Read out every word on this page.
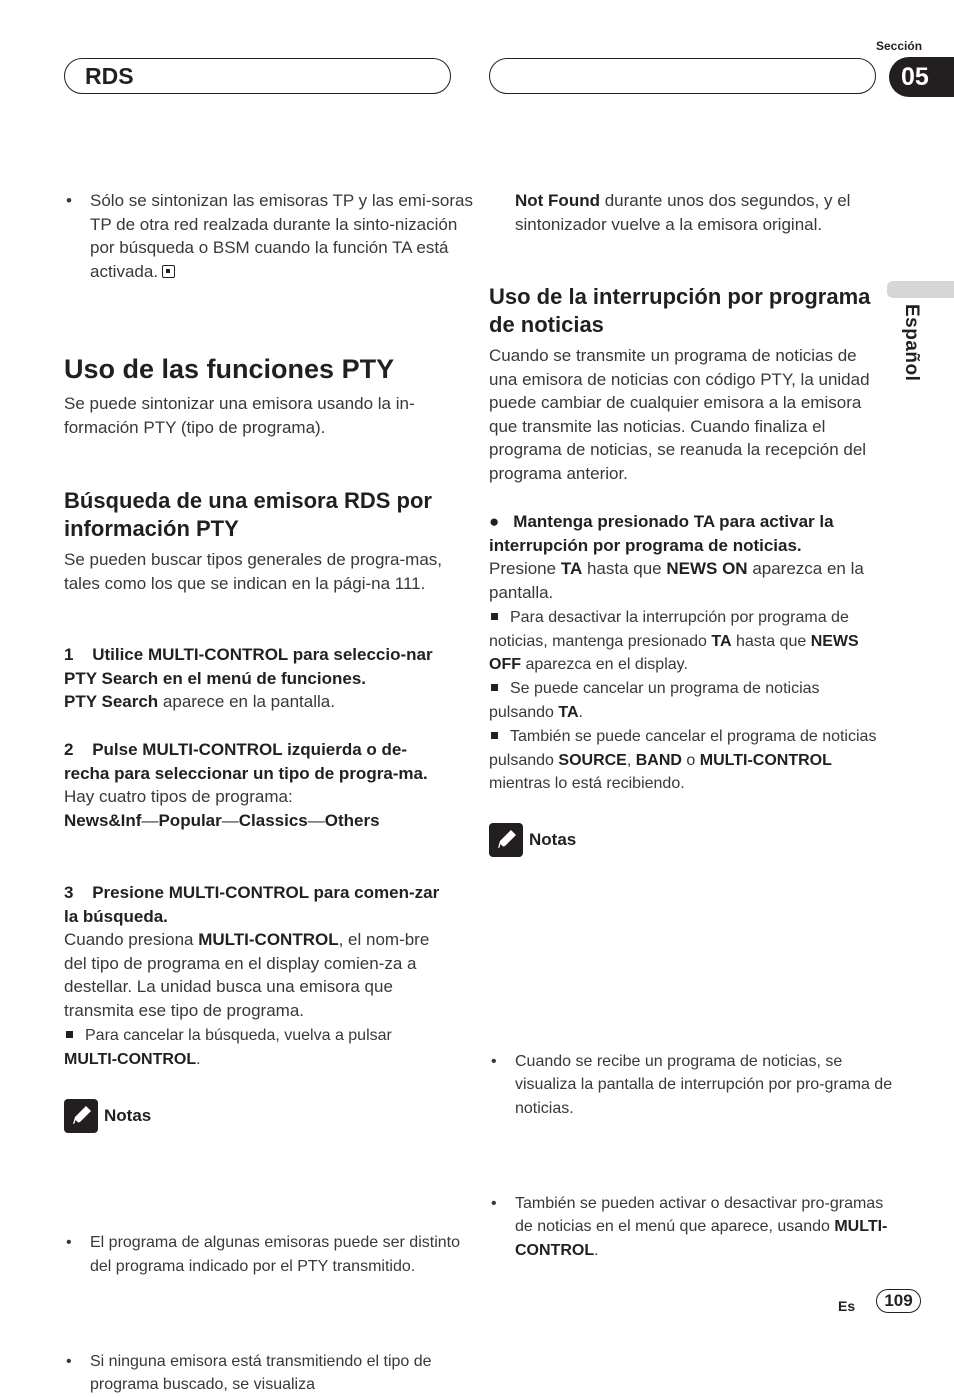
RDS
Sección
05
Español
• Sólo se sintonizan las emisoras TP y las emi-soras TP de otra red realzada durante la sinto-nización por búsqueda o BSM cuando la función TA está activada.
Uso de las funciones PTY
Se puede sintonizar una emisora usando la in-formación PTY (tipo de programa).
Búsqueda de una emisora RDS por información PTY
Se pueden buscar tipos generales de progra-mas, tales como los que se indican en la pági-na 111.
1 Utilice MULTI-CONTROL para seleccio-nar PTY Search en el menú de funciones.
PTY Search aparece en la pantalla.
2 Pulse MULTI-CONTROL izquierda o de-recha para seleccionar un tipo de progra-ma.
Hay cuatro tipos de programa:
News&Inf—Popular—Classics—Others
3 Presione MULTI-CONTROL para comen-zar la búsqueda.
Cuando presiona MULTI-CONTROL, el nom-bre del tipo de programa en el display comien-za a destellar. La unidad busca una emisora que transmita ese tipo de programa.
Para cancelar la búsqueda, vuelva a pulsar
MULTI-CONTROL.
Notas
• El programa de algunas emisoras puede ser distinto del programa indicado por el PTY transmitido.
• Si ninguna emisora está transmitiendo el tipo de programa buscado, se visualiza
Not Found durante unos dos segundos, y el sintonizador vuelve a la emisora original.
Uso de la interrupción por programa de noticias
Cuando se transmite un programa de noticias de una emisora de noticias con código PTY, la unidad puede cambiar de cualquier emisora a la emisora que transmite las noticias. Cuando finaliza el programa de noticias, se reanuda la recepción del programa anterior.
● Mantenga presionado TA para activar la interrupción por programa de noticias.
Presione TA hasta que NEWS ON aparezca en la pantalla.
Para desactivar la interrupción por programa de noticias, mantenga presionado TA hasta que NEWS OFF aparezca en el display.
Se puede cancelar un programa de noticias pulsando TA.
También se puede cancelar el programa de noticias pulsando SOURCE, BAND o MULTI-CONTROL mientras lo está recibiendo.
Notas
• Cuando se recibe un programa de noticias, se visualiza la pantalla de interrupción por pro-grama de noticias.
• También se pueden activar o desactivar pro-gramas de noticias en el menú que aparece, usando MULTI-CONTROL.
Es	109
